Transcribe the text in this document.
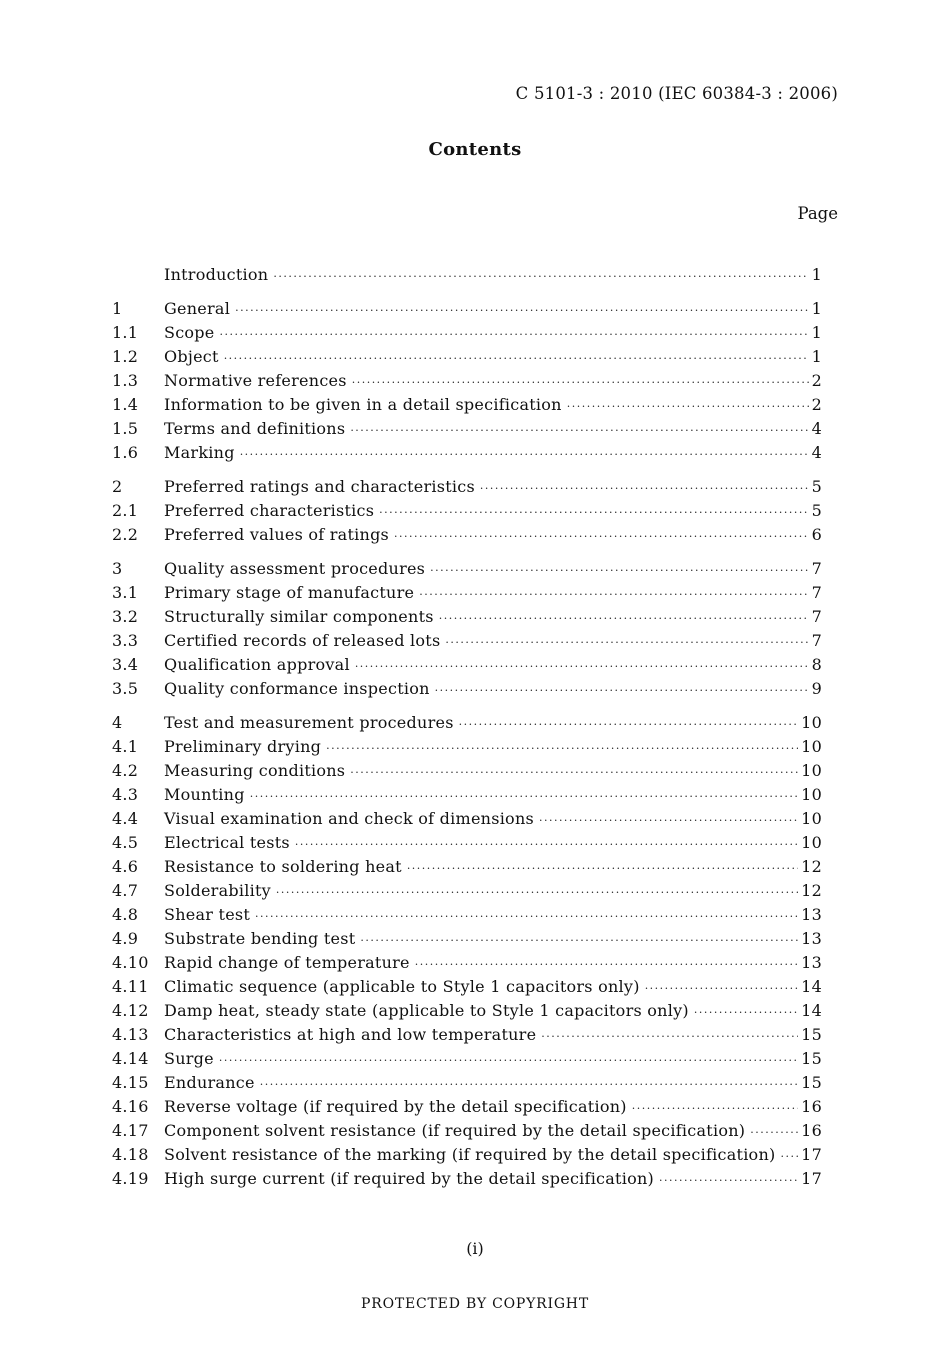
C 5101-3 : 2010 (IEC 60384-3 : 2006)
Contents
Page
Introduction ·····	1
1	General ·····	1
1.1	Scope ·····	1
1.2	Object ·····	1
1.3	Normative references ·····	2
1.4	Information to be given in a detail specification ·····	2
1.5	Terms and definitions ·····	4
1.6	Marking ·····	4
2	Preferred ratings and characteristics ·····	5
2.1	Preferred characteristics ·····	5
2.2	Preferred values of ratings ·····	6
3	Quality assessment procedures ·····	7
3.1	Primary stage of manufacture ·····	7
3.2	Structurally similar components ·····	7
3.3	Certified records of released lots ·····	7
3.4	Qualification approval ·····	8
3.5	Quality conformance inspection ·····	9
4	Test and measurement procedures ·····	10
4.1	Preliminary drying ·····	10
4.2	Measuring conditions ·····	10
4.3	Mounting ·····	10
4.4	Visual examination and check of dimensions ·····	10
4.5	Electrical tests ·····	10
4.6	Resistance to soldering heat ·····	12
4.7	Solderability ·····	12
4.8	Shear test ·····	13
4.9	Substrate bending test ·····	13
4.10 Rapid change of temperature ·····	13
4.11 Climatic sequence (applicable to Style 1 capacitors only) ·····	14
4.12 Damp heat, steady state (applicable to Style 1 capacitors only) ·····	14
4.13 Characteristics at high and low temperature ·····	15
4.14 Surge ·····	15
4.15 Endurance ·····	15
4.16 Reverse voltage (if required by the detail specification) ·····	16
4.17 Component solvent resistance (if required by the detail specification) ·····	16
4.18 Solvent resistance of the marking (if required by the detail specification) ····· 17
4.19 High surge current (if required by the detail specification) ·····	17
(i)
PROTECTED BY COPYRIGHT
